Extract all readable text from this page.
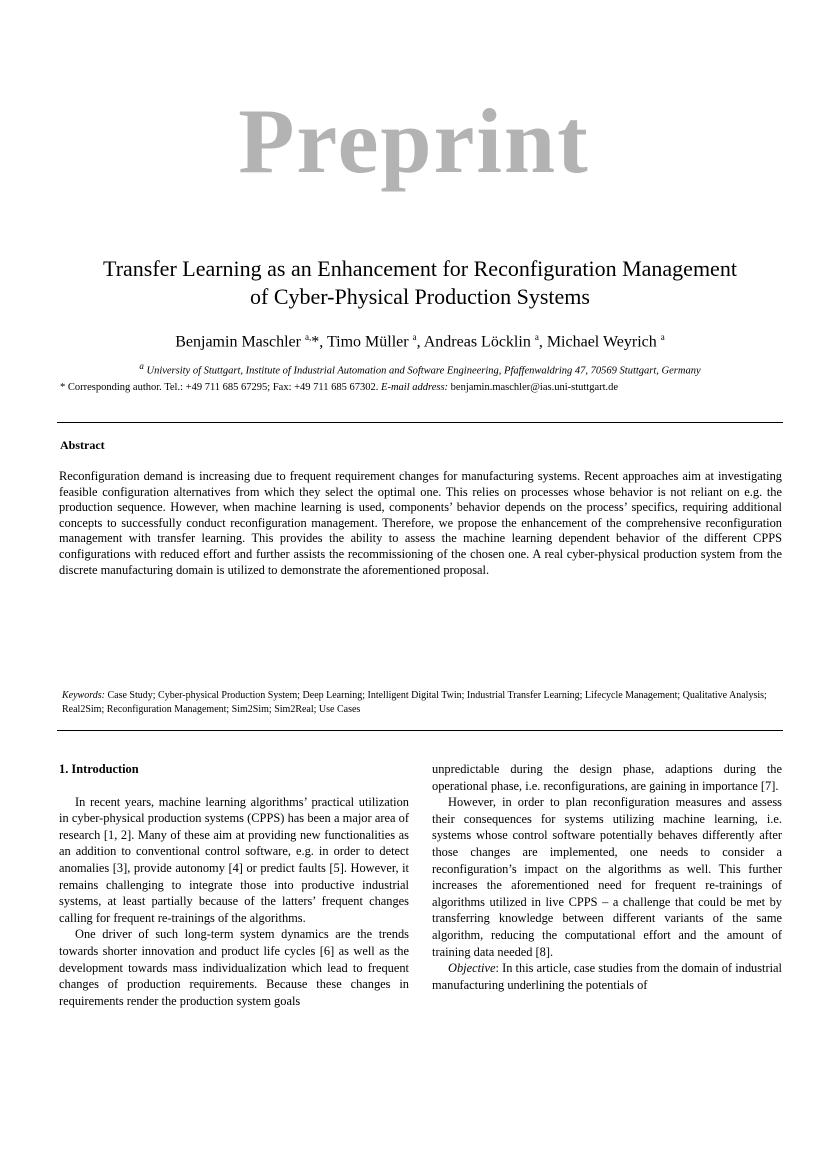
Preprint
Transfer Learning as an Enhancement for Reconfiguration Management
of Cyber-Physical Production Systems
Benjamin Maschler $^{a,}$*, Timo Müller $^a$, Andreas Löcklin $^a$, Michael Weyrich $^a$
$^a$ University of Stuttgart, Institute of Industrial Automation and Software Engineering, Pfaffenwaldring 47, 70569 Stuttgart, Germany
* Corresponding author. Tel.: +49 711 685 67295; Fax: +49 711 685 67302. E-mail address: benjamin.maschler@ias.uni-stuttgart.de
Abstract
Reconfiguration demand is increasing due to frequent requirement changes for manufacturing systems. Recent approaches aim at investigating feasible configuration alternatives from which they select the optimal one. This relies on processes whose behavior is not reliant on e.g. the production sequence. However, when machine learning is used, components’ behavior depends on the process’ specifics, requiring additional concepts to successfully conduct reconfiguration management. Therefore, we propose the enhancement of the comprehensive reconfiguration management with transfer learning. This provides the ability to assess the machine learning dependent behavior of the different CPPS configurations with reduced effort and further assists the recommissioning of the chosen one. A real cyber-physical production system from the discrete manufacturing domain is utilized to demonstrate the aforementioned proposal.
Keywords: Case Study; Cyber-physical Production System; Deep Learning; Intelligent Digital Twin; Industrial Transfer Learning; Lifecycle Management; Qualitative Analysis; Real2Sim; Reconfiguration Management; Sim2Sim; Sim2Real; Use Cases
1. Introduction

In recent years, machine learning algorithms’ practical utilization in cyber-physical production systems (CPPS) has been a major area of research [1, 2]. Many of these aim at providing new functionalities as an addition to conventional control software, e.g. in order to detect anomalies [3], provide autonomy [4] or predict faults [5]. However, it remains challenging to integrate those into productive industrial systems, at least partially because of the latters’ frequent changes calling for frequent re-trainings of the algorithms.

One driver of such long-term system dynamics are the trends towards shorter innovation and product life cycles [6] as well as the development towards mass individualization which lead to frequent changes of production requirements. Because these changes in requirements render the production system goals

unpredictable during the design phase, adaptions during the operational phase, i.e. reconfigurations, are gaining in importance [7].

However, in order to plan reconfiguration measures and assess their consequences for systems utilizing machine learning, i.e. systems whose control software potentially behaves differently after those changes are implemented, one needs to consider a reconfiguration’s impact on the algorithms as well. This further increases the aforementioned need for frequent re-trainings of algorithms utilized in live CPPS – a challenge that could be met by transferring knowledge between different variants of the same algorithm, reducing the computational effort and the amount of training data needed [8].

Objective: In this article, case studies from the domain of industrial manufacturing underlining the potentials of
